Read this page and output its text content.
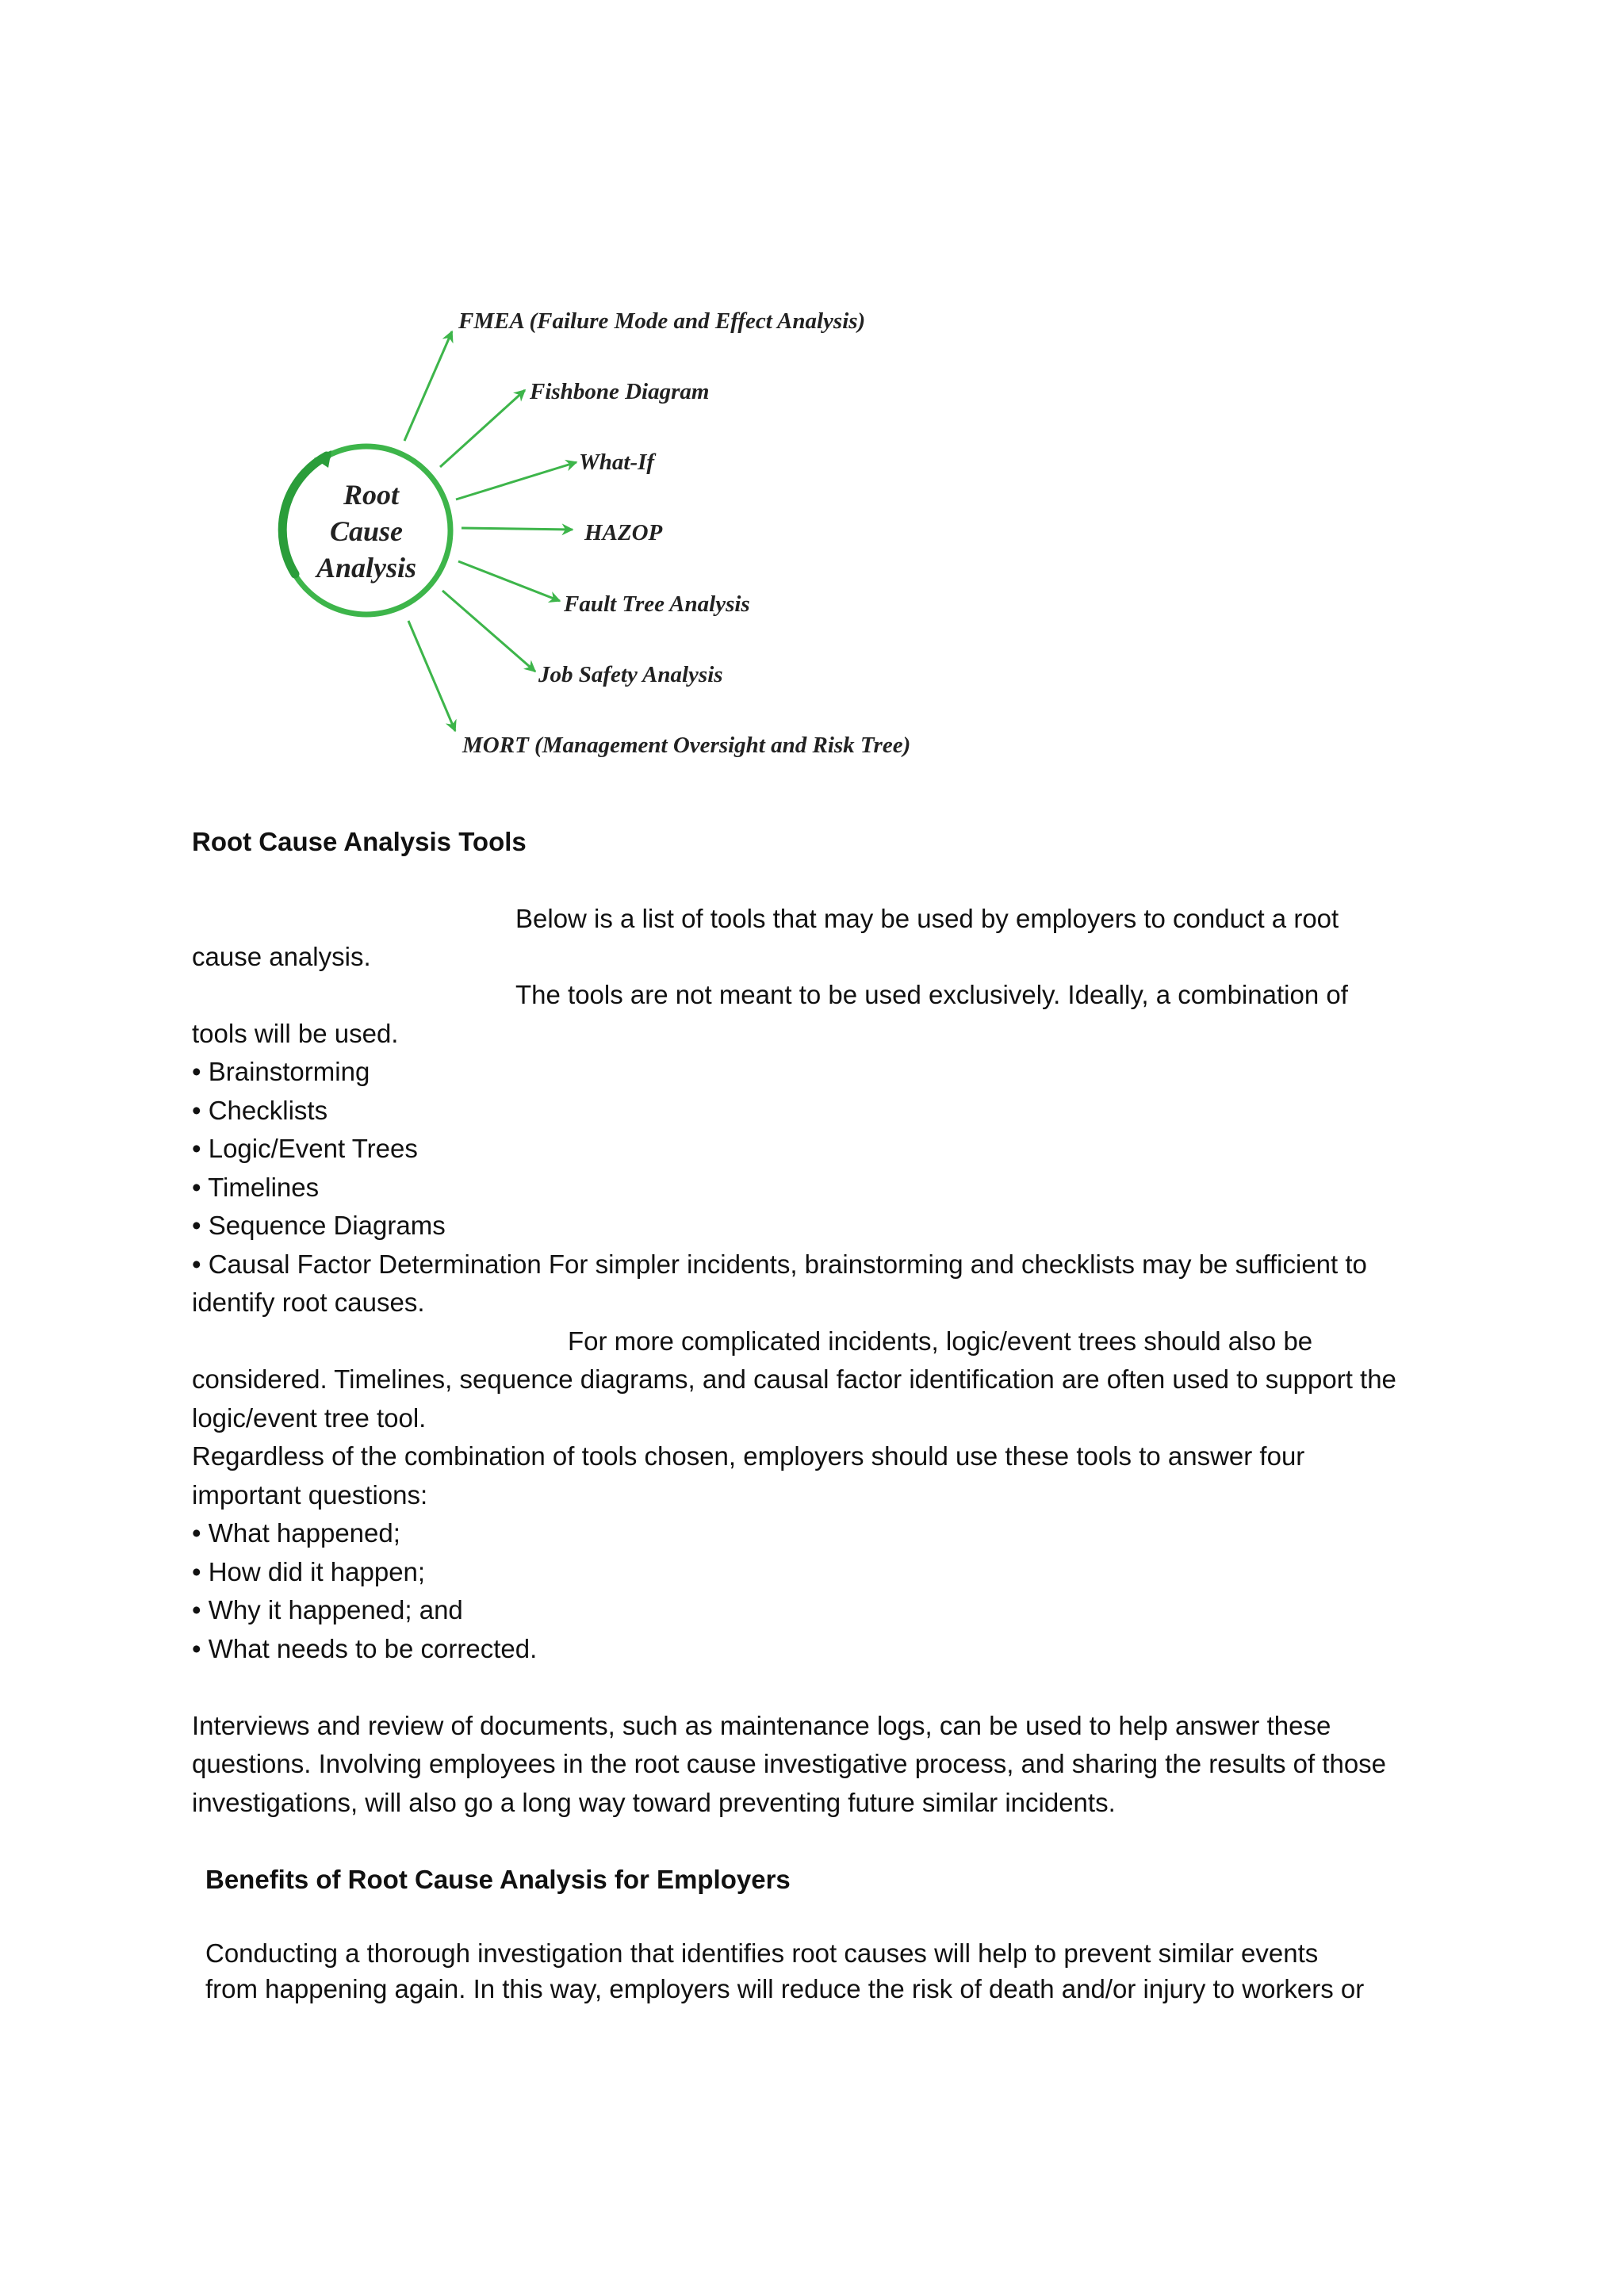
Root
Cause
Analysis
FMEA (Failure Mode and Effect Analysis)
Fishbone Diagram
What-If
HAZOP
Fault Tree Analysis
Job Safety Analysis
MORT (Management Oversight and Risk Tree)
Root Cause Analysis Tools
Below is a list of tools that may be used by employers to conduct a root
cause analysis.
The tools are not meant to be used exclusively. Ideally, a combination of
tools will be used.
• Brainstorming
• Checklists
• Logic/Event Trees
• Timelines
• Sequence Diagrams
• Causal Factor Determination For simpler incidents, brainstorming and checklists may be sufficient to
identify root causes.
For more complicated incidents, logic/event trees should also be
considered. Timelines, sequence diagrams, and causal factor identification are often used to support the
logic/event tree tool.
Regardless of the combination of tools chosen, employers should use these tools to answer four
important questions:
• What happened;
• How did it happen;
• Why it happened; and
• What needs to be corrected.
Interviews and review of documents, such as maintenance logs, can be used to help answer these
questions. Involving employees in the root cause investigative process, and sharing the results of those
investigations, will also go a long way toward preventing future similar incidents.
Benefits of Root Cause Analysis for Employers
Conducting a thorough investigation that identifies root causes will help to prevent similar events
from happening again. In this way, employers will reduce the risk of death and/or injury to workers or
